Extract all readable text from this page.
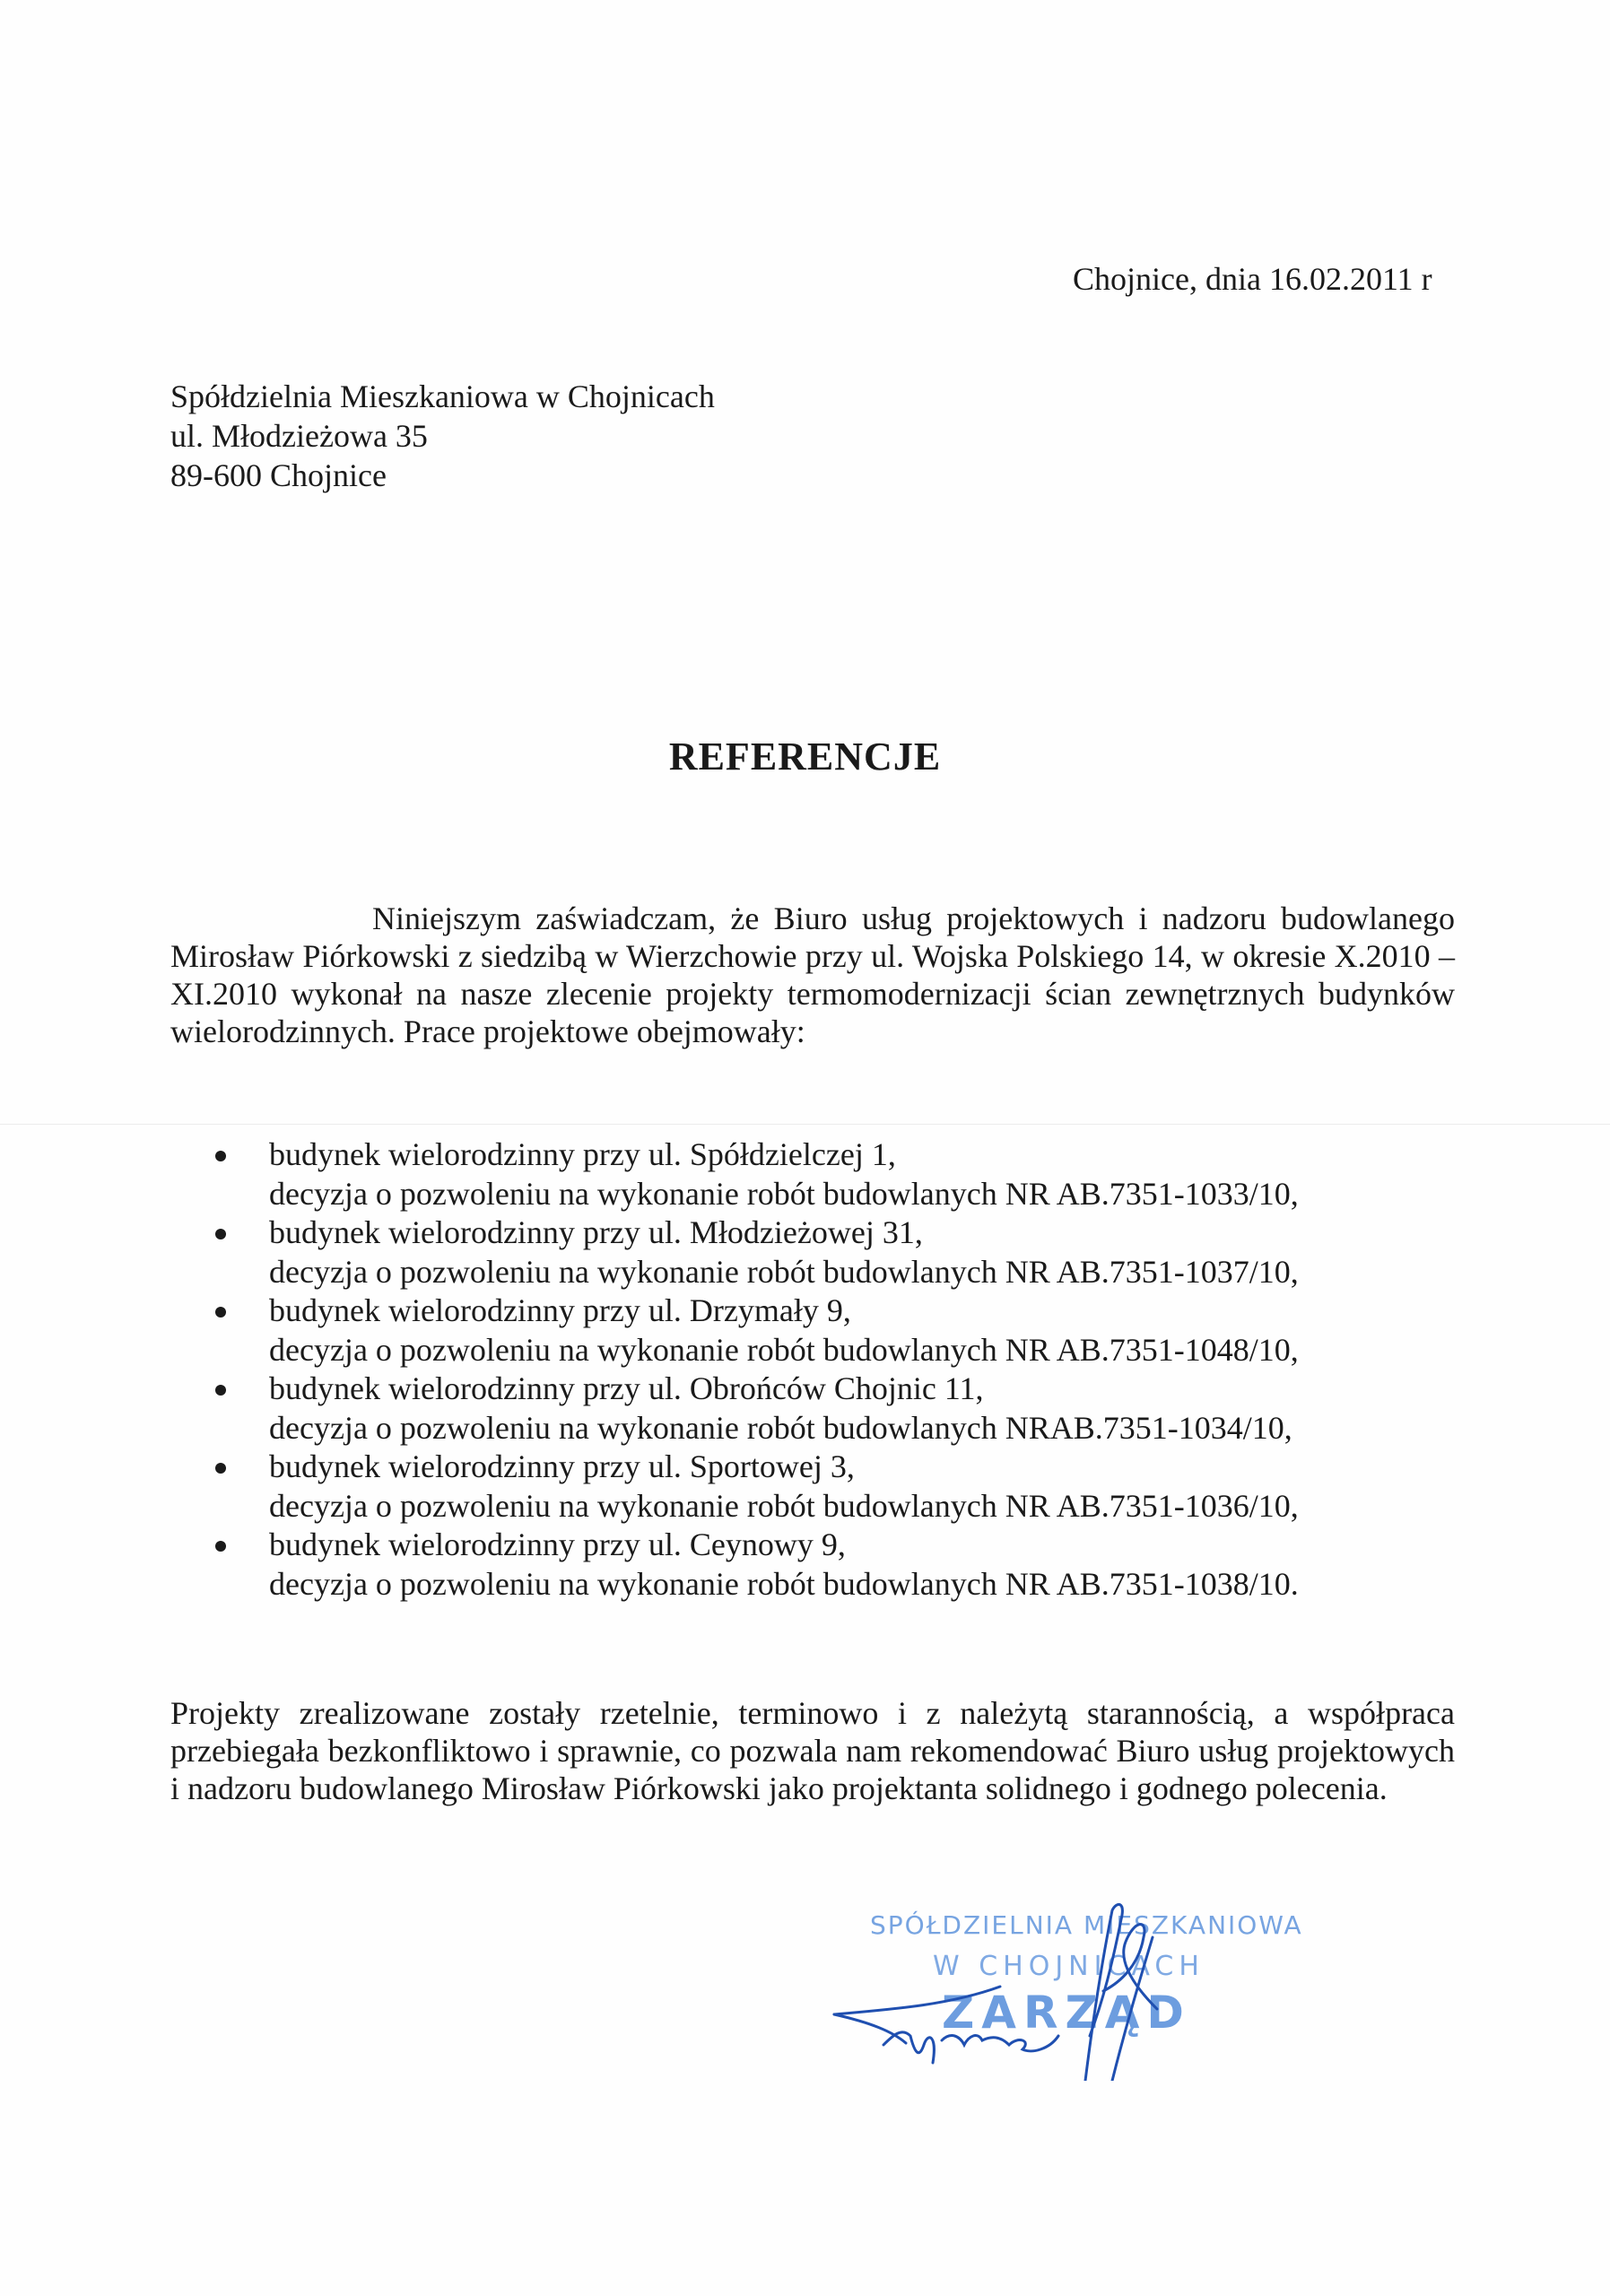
Chojnice, dnia 16.02.2011 r
Spółdzielnia Mieszkaniowa w Chojnicach
ul. Młodzieżowa 35
89-600 Chojnice
REFERENCJE

Niniejszym zaświadczam, że Biuro usług projektowych i nadzoru budowlanego Mirosław Piórkowski z siedzibą w Wierzchowie przy ul. Wojska Polskiego 14, w okresie X.2010 – XI.2010 wykonał na nasze zlecenie projekty termomodernizacji ścian zewnętrznych budynków wielorodzinnych. Prace projektowe obejmowały:

budynek wielorodzinny przy ul. Spółdzielczej 1,
decyzja o pozwoleniu na wykonanie robót budowlanych NR AB.7351-1033/10,
budynek wielorodzinny przy ul. Młodzieżowej 31,
decyzja o pozwoleniu na wykonanie robót budowlanych NR AB.7351-1037/10,
budynek wielorodzinny przy ul. Drzymały 9,
decyzja o pozwoleniu na wykonanie robót budowlanych NR AB.7351-1048/10,
budynek wielorodzinny przy ul. Obrońców Chojnic 11,
decyzja o pozwoleniu na wykonanie robót budowlanych NRAB.7351-1034/10,
budynek wielorodzinny przy ul. Sportowej 3,
decyzja o pozwoleniu na wykonanie robót budowlanych NR AB.7351-1036/10,
budynek wielorodzinny przy ul. Ceynowy 9,
decyzja o pozwoleniu na wykonanie robót budowlanych NR AB.7351-1038/10.

Projekty zrealizowane zostały rzetelnie, terminowo i z należytą starannością, a współpraca przebiegała bezkonfliktowo i sprawnie, co pozwala nam rekomendować Biuro usług projektowych i nadzoru budowlanego Mirosław Piórkowski jako projektanta solidnego i godnego polecenia.

SPÓŁDZIELNIA MIESZKANIOWA
W CHOJNICACH
ZARZĄD
